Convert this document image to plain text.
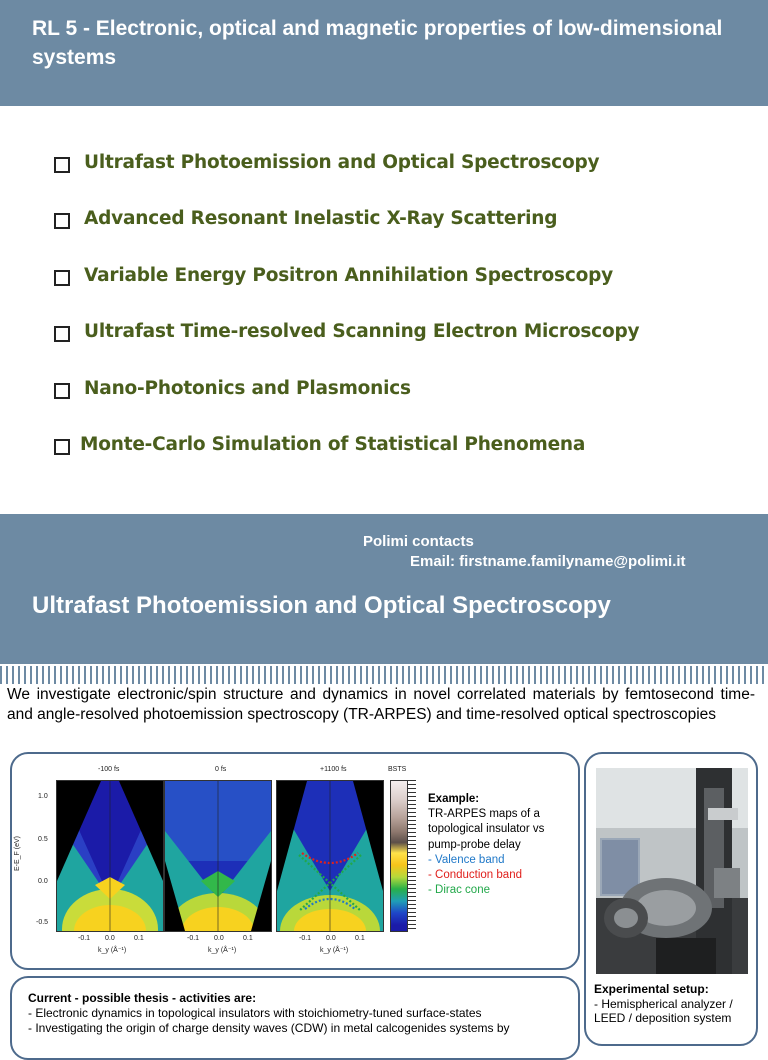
RL 5 - Electronic, optical and magnetic properties of low-dimensional systems
Ultrafast Photoemission and Optical Spectroscopy
Advanced Resonant Inelastic X-Ray Scattering
Variable Energy Positron Annihilation Spectroscopy
Ultrafast Time-resolved Scanning Electron Microscopy
Nano-Photonics and Plasmonics
Monte-Carlo Simulation of Statistical Phenomena
Polimi contacts
Email: firstname.familyname@polimi.it
Ultrafast Photoemission and Optical Spectroscopy
We investigate electronic/spin structure and dynamics in novel correlated materials by femtosecond time- and angle-resolved photoemission spectroscopy (TR-ARPES) and time-resolved optical spectroscopies
-100 fs	0 fs	+1100 fs	BSTS
1.0
0.5
0.0
-0.5
E-E_F (eV)
-0.1 0.0	0.1	-0.1 0.0	0.1	-0.1 0.0	0.1
k_y (Å⁻¹)	k_y (Å⁻¹)	k_y (Å⁻¹)
Example:
TR-ARPES maps of a topological insulator vs pump-probe delay
- Valence band
- Conduction band
- Dirac cone
Experimental setup:
- Hemispherical analyzer / LEED / deposition system
Current - possible thesis - activities are:
- Electronic dynamics in topological insulators with stoichiometry-tuned surface-states
- Investigating the origin of charge density waves (CDW) in metal calcogenides systems by
